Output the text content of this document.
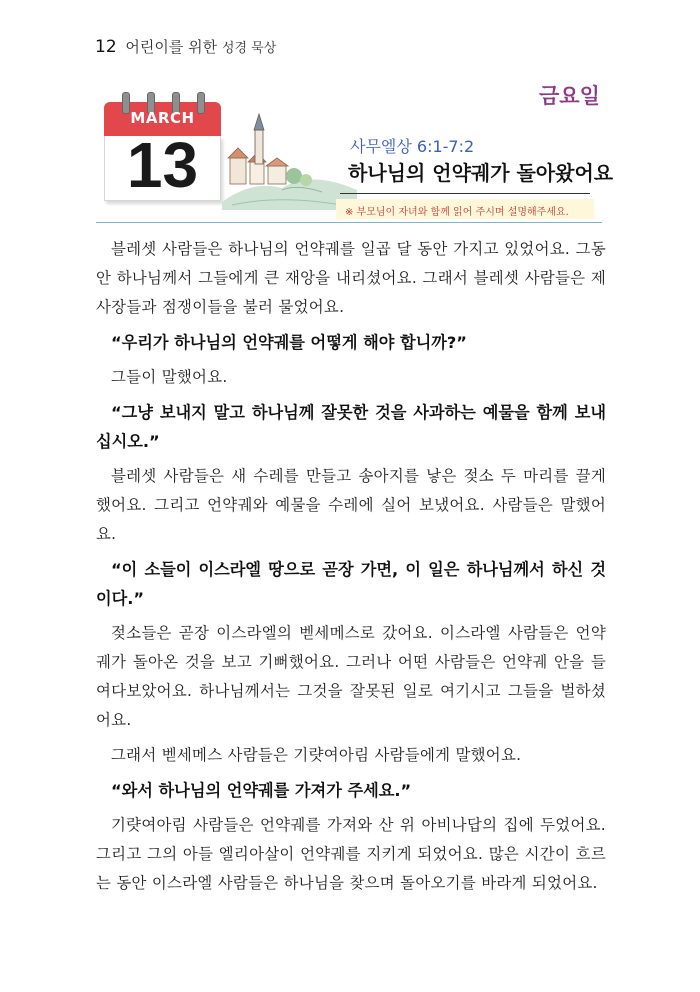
12 어린이를 위한 성경 묵상
금요일
MARCH
13	사무엘상 6:1-7:2
하나님의 언약궤가 돌아왔어요
※ 부모님이 자녀와 함께 읽어 주시며 설명해주세요.

블레셋 사람들은 하나님의 언약궤를 일곱 달 동안 가지고 있었어요. 그동안 하나님께서 그들에게 큰 재앙을 내리셨어요. 그래서 블레셋 사람들은 제사장들과 점쟁이들을 불러 물었어요.

“우리가 하나님의 언약궤를 어떻게 해야 합니까?”

그들이 말했어요.

“그냥 보내지 말고 하나님께 잘못한 것을 사과하는 예물을 함께 보내십시오.”

블레셋 사람들은 새 수레를 만들고 송아지를 낳은 젖소 두 마리를 끌게 했어요. 그리고 언약궤와 예물을 수레에 실어 보냈어요. 사람들은 말했어요.

“이 소들이 이스라엘 땅으로 곧장 가면, 이 일은 하나님께서 하신 것이다.”

젖소들은 곧장 이스라엘의 벧세메스로 갔어요. 이스라엘 사람들은 언약궤가 돌아온 것을 보고 기뻐했어요. 그러나 어떤 사람들은 언약궤 안을 들여다보았어요. 하나님께서는 그것을 잘못된 일로 여기시고 그들을 벌하셨어요.

그래서 벧세메스 사람들은 기럇여아림 사람들에게 말했어요.

“와서 하나님의 언약궤를 가져가 주세요.”

기럇여아림 사람들은 언약궤를 가져와 산 위 아비나답의 집에 두었어요. 그리고 그의 아들 엘리아살이 언약궤를 지키게 되었어요. 많은 시간이 흐르는 동안 이스라엘 사람들은 하나님을 찾으며 돌아오기를 바라게 되었어요.
